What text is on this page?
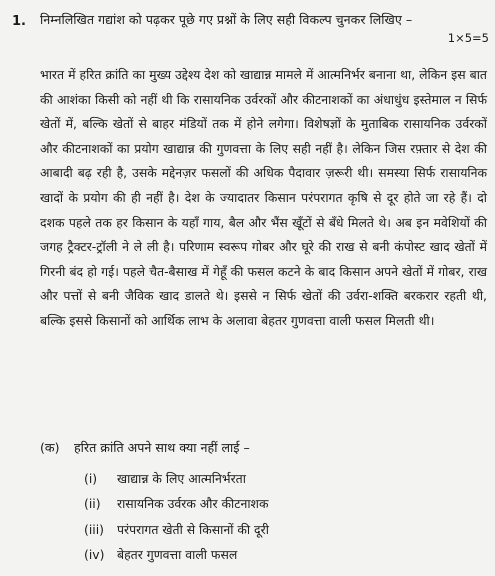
1. निम्नलिखित गद्यांश को पढ़कर पूछे गए प्रश्नों के लिए सही विकल्प चुनकर लिखिए –
1×5=5

भारत में हरित क्रांति का मुख्य उद्देश्य देश को खाद्यान्न मामले में आत्मनिर्भर बनाना था, लेकिन इस बात की आशंका किसी को नहीं थी कि रासायनिक उर्वरकों और कीटनाशकों का अंधाधुंध इस्तेमाल न सिर्फ खेतों में, बल्कि खेतों से बाहर मंडियों तक में होने लगेगा। विशेषज्ञों के मुताबिक रासायनिक उर्वरकों और कीटनाशकों का प्रयोग खाद्यान्न की गुणवत्ता के लिए सही नहीं है। लेकिन जिस रफ़्तार से देश की आबादी बढ़ रही है, उसके मद्देनज़र फसलों की अधिक पैदावार ज़रूरी थी। समस्या सिर्फ रासायनिक खादों के प्रयोग की ही नहीं है। देश के ज्यादातर किसान परंपरागत कृषि से दूर होते जा रहे हैं। दो दशक पहले तक हर किसान के यहाँ गाय, बैल और भैंस खूँटों से बँधे मिलते थे। अब इन मवेशियों की जगह ट्रैक्टर-ट्रॉली ने ले ली है। परिणाम स्वरूप गोबर और घूरे की राख से बनी कंपोस्ट खाद खेतों में गिरनी बंद हो गई। पहले चैत-बैसाख में गेहूँ की फसल कटने के बाद किसान अपने खेतों में गोबर, राख और पत्तों से बनी जैविक खाद डालते थे। इससे न सिर्फ खेतों की उर्वरा-शक्ति बरकरार रहती थी, बल्कि इससे किसानों को आर्थिक लाभ के अलावा बेहतर गुणवत्ता वाली फसल मिलती थी।

(क) हरित क्रांति अपने साथ क्या नहीं लाई –
(i) खाद्यान्न के लिए आत्मनिर्भरता
(ii) रासायनिक उर्वरक और कीटनाशक
(iii) परंपरागत खेती से किसानों की दूरी
(iv) बेहतर गुणवत्ता वाली फसल
